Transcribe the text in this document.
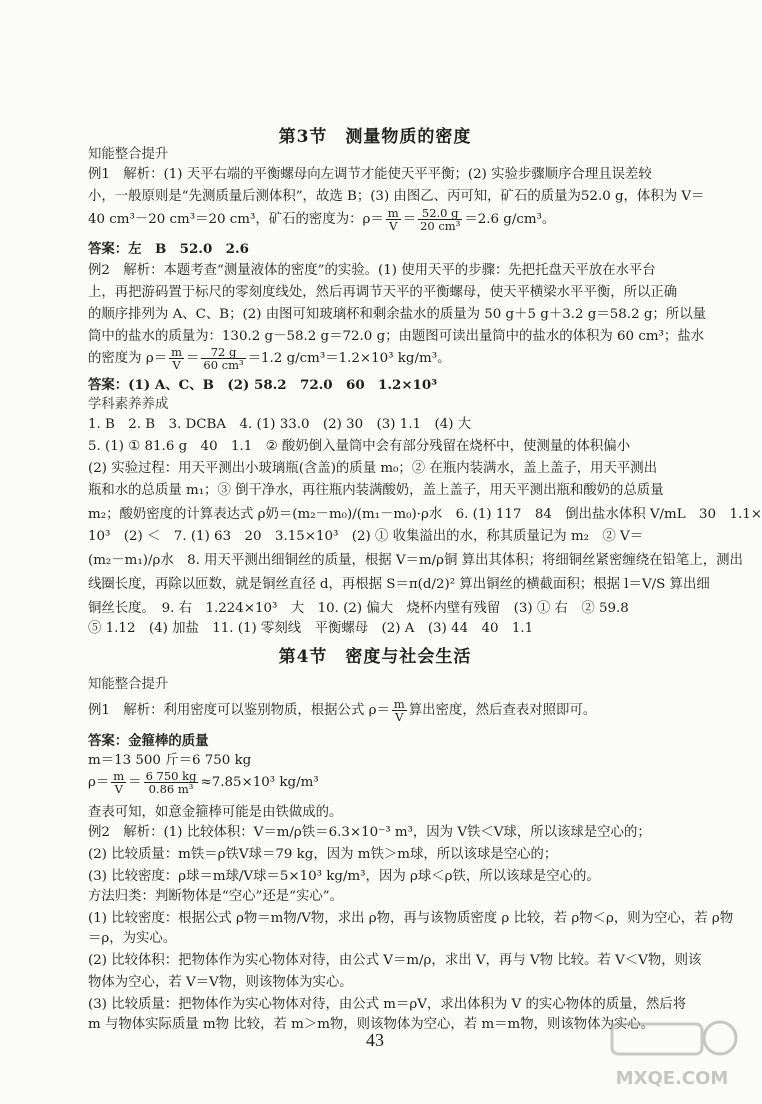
第3节　测量物质的密度
知能整合提升
例1　解析：(1) 天平右端的平衡螺母向左调节才能使天平平衡；(2) 实验步骤顺序合理且误差较
小，一般原则是“先测质量后测体积”，故选 B；(3) 由图乙、丙可知，矿石的质量为52.0 g，体积为 V＝
40 cm³－20 cm³＝20 cm³，矿石的密度为：$\rho= \frac{m}{V} = \frac{52.0 g}{\text{20 cm³}} =2.6$ g/cm³。
答案：左　B　52.0　2.6
例2　解析：本题考查“测量液体的密度”的实验。(1) 使用天平的步骤：先把托盘天平放在水平台
上，再把游码置于标尺的零刻度线处，然后再调节天平的平衡螺母，使天平横梁水平平衡，所以正确
的顺序排列为 A、C、B；(2) 由图可知玻璃杯和剩余盐水的质量为 50 g＋5 g＋3.2 g＝58.2 g；所以量
筒中的盐水的质量为：130.2 g－58.2 g＝72.0 g；由题图可读出量筒中的盐水的体积为 60 cm³；盐水
的密度为 $\rho= \frac{m}{V} = \frac{72 g}{\text{60 cm³}} =1.2$ g/cm³＝1.2×10³ kg/m³。
答案：(1) A、C、B　(2) 58.2　72.0　60　1.2×10³
学科素养养成
1. B　2. B　3. DCBA　4. (1) 33.0　(2) 30　(3) 1.1　(4) 大
5. (1) ① 81.6 g　40　1.1　② 酸奶倒入量筒中会有部分残留在烧杯中，使测量的体积偏小
(2) 实验过程：用天平测出小玻璃瓶(含盖)的质量 m₀；② 在瓶内装满水，盖上盖子，用天平测出
瓶和水的总质量 m₁；③ 倒干净水，再往瓶内装满酸奶，盖上盖子，用天平测出瓶和酸奶的总质量
m₂；酸奶密度的计算表达式 ρ奶＝(m₂－m₀)/(m₁－m₀)·ρ水　6. (1) 117　84　倒出盐水体积 V/mL　30　1.1×
10³　(2) ＜　7. (1) 63　20　3.15×10³　(2) ① 收集溢出的水，称其质量记为 m₂　② V＝
(m₂－m₁)/ρ水　8. 用天平测出细铜丝的质量，根据 V＝m/ρ铜 算出其体积；将细铜丝紧密缠绕在铅笔上，测出
线圈长度，再除以匝数，就是铜丝直径 d，再根据 S＝π(d/2)² 算出铜丝的横截面积；根据 l＝V/S 算出细
铜丝长度。　9. 右　1.224×10³　大　10. (2) 偏大　烧杯内壁有残留　(3) ① 右　② 59.8
⑤ 1.12　(4) 加盐　11. (1) 零刻线　平衡螺母　(2) A　(3) 44　40　1.1
第4节　密度与社会生活
知能整合提升
例1　解析：利用密度可以鉴别物质，根据公式 $\rho= \frac{m}{V}$ 算出密度，然后查表对照即可。
答案：金箍棒的质量
m＝13 500 斤＝6 750 kg
$\rho= \frac{m}{V} = \frac{6 750 kg}{\text{0.86 m³}} \approx 7.85\times 10^3$ kg/m³
查表可知，如意金箍棒可能是由铁做成的。
例2　解析：(1) 比较体积：V＝m/ρ铁＝6.3×10⁻³ m³，因为 V铁＜V球，所以该球是空心的；
(2) 比较质量：m铁＝ρ铁V球＝79 kg，因为 m铁＞m球，所以该球是空心的；
(3) 比较密度：ρ球＝m球/V球＝5×10³ kg/m³，因为 ρ球＜ρ铁，所以该球是空心的。
方法归类：判断物体是“空心”还是“实心”。
(1) 比较密度：根据公式 ρ物＝m物/V物，求出 ρ物，再与该物质密度 ρ 比较，若 ρ物＜ρ，则为空心，若 ρ物
＝ρ，为实心。
(2) 比较体积：把物体作为实心物体对待，由公式 V＝m/ρ，求出 V，再与 V物 比较。若 V＜V物，则该
物体为空心，若 V＝V物，则该物体为实心。
(3) 比较质量：把物体作为实心物体对待，由公式 m＝ρV，求出体积为 V 的实心物体的质量，然后将
m 与物体实际质量 m物 比较，若 m＞m物，则该物体为空心，若 m＝m物，则该物体为实心。
43
MXQE.COM
